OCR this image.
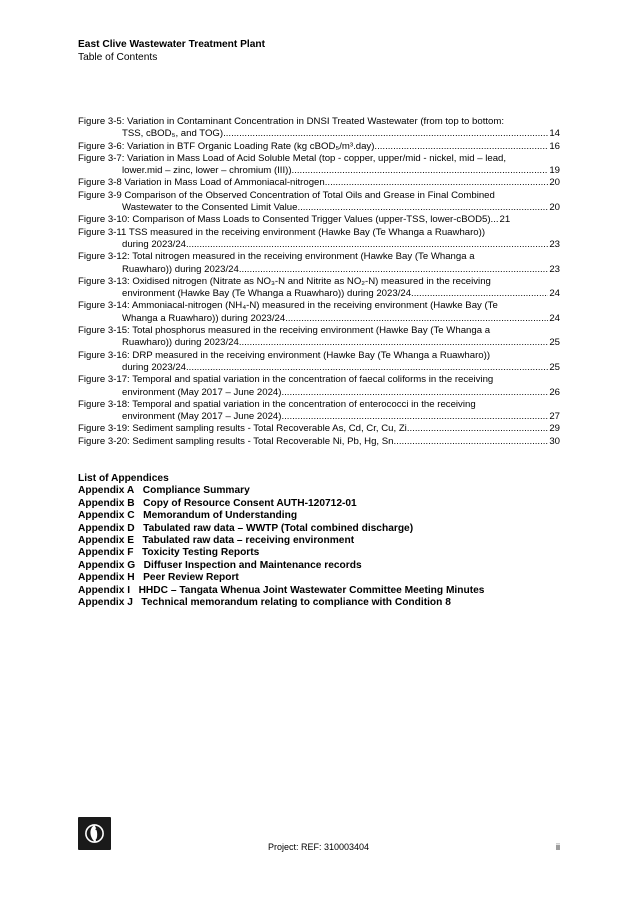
East Clive Wastewater Treatment Plant
Table of Contents
Figure 3-5: Variation in Contaminant Concentration in DNSI Treated Wastewater (from top to bottom:
TSS, cBOD₅, and TOG) .....	14
Figure 3-6: Variation in BTF Organic Loading Rate (kg cBOD₅/m³.day) .....	16
Figure 3-7: Variation in Mass Load of Acid Soluble Metal (top - copper, upper/mid - nickel, mid – lead,
lower.mid – zinc, lower – chromium (III)) .....	19
Figure 3-8 Variation in Mass Load of Ammoniacal-nitrogen .....	20
Figure 3-9 Comparison of the Observed Concentration of Total Oils and Grease in Final Combined
Wastewater to the Consented Limit Value .....	20
Figure 3-10: Comparison of Mass Loads to Consented Trigger Values (upper-TSS, lower-cBOD5) ..... 21
Figure 3-11 TSS measured in the receiving environment (Hawke Bay (Te Whanga a Ruawharo))
during 2023/24 .....	23
Figure 3-12: Total nitrogen measured in the receiving environment (Hawke Bay (Te Whanga a
Ruawharo)) during 2023/24 .....	23
Figure 3-13: Oxidised nitrogen (Nitrate as NO₃-N and Nitrite as NO₂-N) measured in the receiving
environment (Hawke Bay (Te Whanga a Ruawharo)) during 2023/24 .....	24
Figure 3-14: Ammoniacal-nitrogen (NH₄-N) measured in the receiving environment (Hawke Bay (Te
Whanga a Ruawharo)) during 2023/24 .....	24
Figure 3-15: Total phosphorus measured in the receiving environment (Hawke Bay (Te Whanga a
Ruawharo)) during 2023/24 .....	25
Figure 3-16: DRP measured in the receiving environment (Hawke Bay (Te Whanga a Ruawharo))
during 2023/24 .....	25
Figure 3-17: Temporal and spatial variation in the concentration of faecal coliforms in the receiving
environment (May 2017 – June 2024) .....	26
Figure 3-18: Temporal and spatial variation in the concentration of enterococci in the receiving
environment (May 2017 – June 2024) .....	27
Figure 3-19: Sediment sampling results - Total Recoverable As, Cd, Cr, Cu, Zi .....	29
Figure 3-20: Sediment sampling results - Total Recoverable Ni, Pb, Hg, Sn .....	30
List of Appendices
Appendix A Compliance Summary
Appendix B Copy of Resource Consent AUTH-120712-01
Appendix C Memorandum of Understanding
Appendix D Tabulated raw data – WWTP (Total combined discharge)
Appendix E Tabulated raw data – receiving environment
Appendix F Toxicity Testing Reports
Appendix G Diffuser Inspection and Maintenance records
Appendix H Peer Review Report
Appendix I HHDC – Tangata Whenua Joint Wastewater Committee Meeting Minutes
Appendix J Technical memorandum relating to compliance with Condition 8
Project: REF: 310003404	ii
